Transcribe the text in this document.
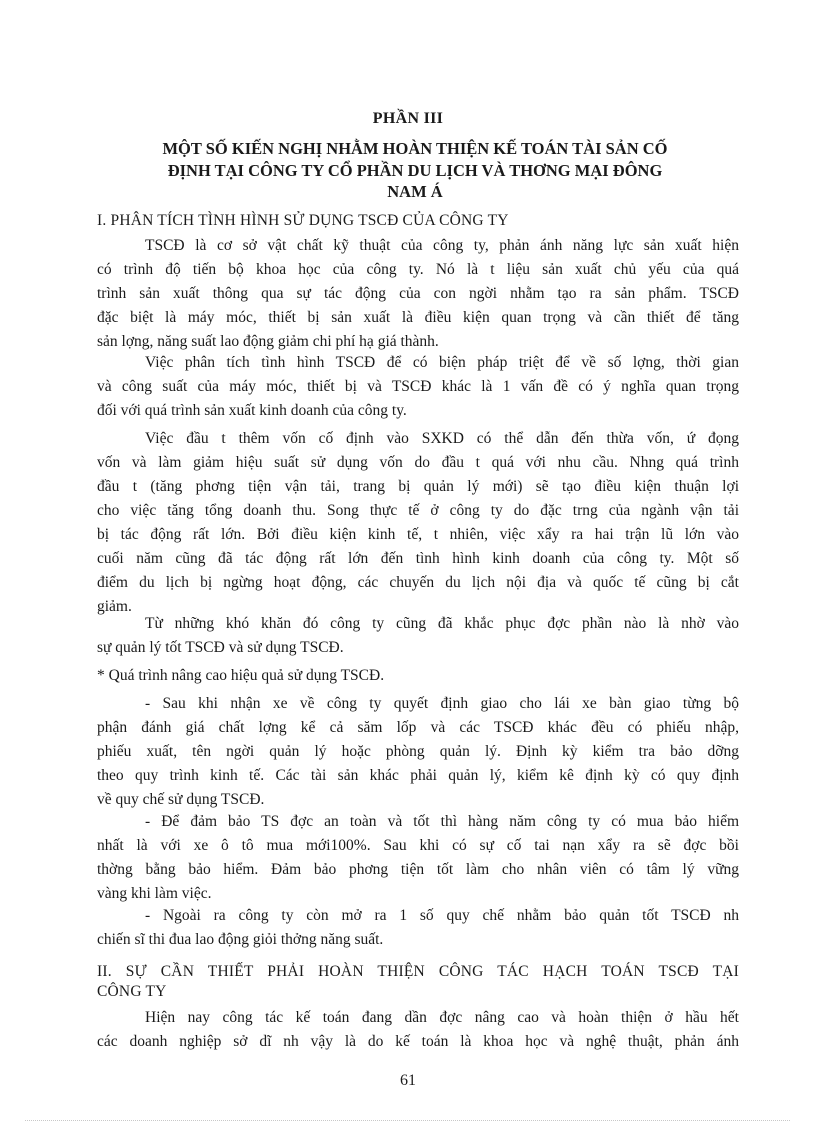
PHẦN III
MỘT SỐ KIẾN NGHỊ NHẰM HOÀN THIỆN KẾ TOÁN TÀI SẢN CỐ
ĐỊNH TẠI CÔNG TY CỔ PHẦN DU LỊCH VÀ THƠNG MẠI ĐÔNG
NAM Á
I. PHÂN TÍCH TÌNH HÌNH SỬ DỤNG TSCĐ CỦA CÔNG TY

TSCĐ là cơ sở vật chất kỹ thuật của công ty, phản ánh năng lực sản xuất hiện
có trình độ tiến bộ khoa học của công ty. Nó là t liệu sản xuất chủ yếu của quá
trình sản xuất thông qua sự tác động của con ngời nhằm tạo ra sản phẩm. TSCĐ
đặc biệt là máy móc, thiết bị sản xuất là điều kiện quan trọng và cần thiết để tăng
sản lợng, năng suất lao động giảm chi phí hạ giá thành.

Việc phân tích tình hình TSCĐ để có biện pháp triệt để về số lợng, thời gian
và công suất của máy móc, thiết bị và TSCĐ khác là 1 vấn đề có ý nghĩa quan trọng
đối với quá trình sản xuất kinh doanh của công ty.

Việc đầu t thêm vốn cố định vào SXKD có thể dẫn đến thừa vốn, ứ đọng
vốn và làm giảm hiệu suất sử dụng vốn do đầu t quá với nhu cầu. Nhng quá trình
đầu t (tăng phơng tiện vận tải, trang bị quản lý mới) sẽ tạo điều kiện thuận lợi
cho việc tăng tổng doanh thu. Song thực tế ở công ty do đặc trng của ngành vận tải
bị tác động rất lớn. Bởi điều kiện kinh tế, t nhiên, việc xẩy ra hai trận lũ lớn vào
cuối năm cũng đã tác động rất lớn đến tình hình kinh doanh của công ty. Một số
điểm du lịch bị ngừng hoạt động, các chuyến du lịch nội địa và quốc tế cũng bị cắt
giảm.

Từ những khó khăn đó công ty cũng đã khắc phục đợc phần nào là nhờ vào
sự quản lý tốt TSCĐ và sử dụng TSCĐ.

* Quá trình nâng cao hiệu quả sử dụng TSCĐ.

- Sau khi nhận xe về công ty quyết định giao cho lái xe bàn giao từng bộ
phận đánh giá chất lợng kể cả săm lốp và các TSCĐ khác đều có phiếu nhập,
phiếu xuất, tên ngời quản lý hoặc phòng quản lý. Định kỳ kiểm tra bảo dỡng
theo quy trình kinh tế. Các tài sản khác phải quản lý, kiểm kê định kỳ có quy định
về quy chế sử dụng TSCĐ.

- Để đảm bảo TS đợc an toàn và tốt thì hàng năm công ty có mua bảo hiểm
nhất là với xe ô tô mua mới100%. Sau khi có sự cố tai nạn xẩy ra sẽ đợc bồi
thờng bằng bảo hiểm. Đảm bảo phơng tiện tốt làm cho nhân viên có tâm lý vững
vàng khi làm việc.

- Ngoài ra công ty còn mở ra 1 số quy chế nhằm bảo quản tốt TSCĐ nh
chiến sĩ thi đua lao động giỏi thởng năng suất.

II. SỰ CẦN THIẾT PHẢI HOÀN THIỆN CÔNG TÁC HẠCH TOÁN TSCĐ TẠI
CÔNG TY

Hiện nay công tác kế toán đang dần đợc nâng cao và hoàn thiện ở hầu hết
các doanh nghiệp sở dĩ nh vậy là do kế toán là khoa học và nghệ thuật, phản ánh

61
